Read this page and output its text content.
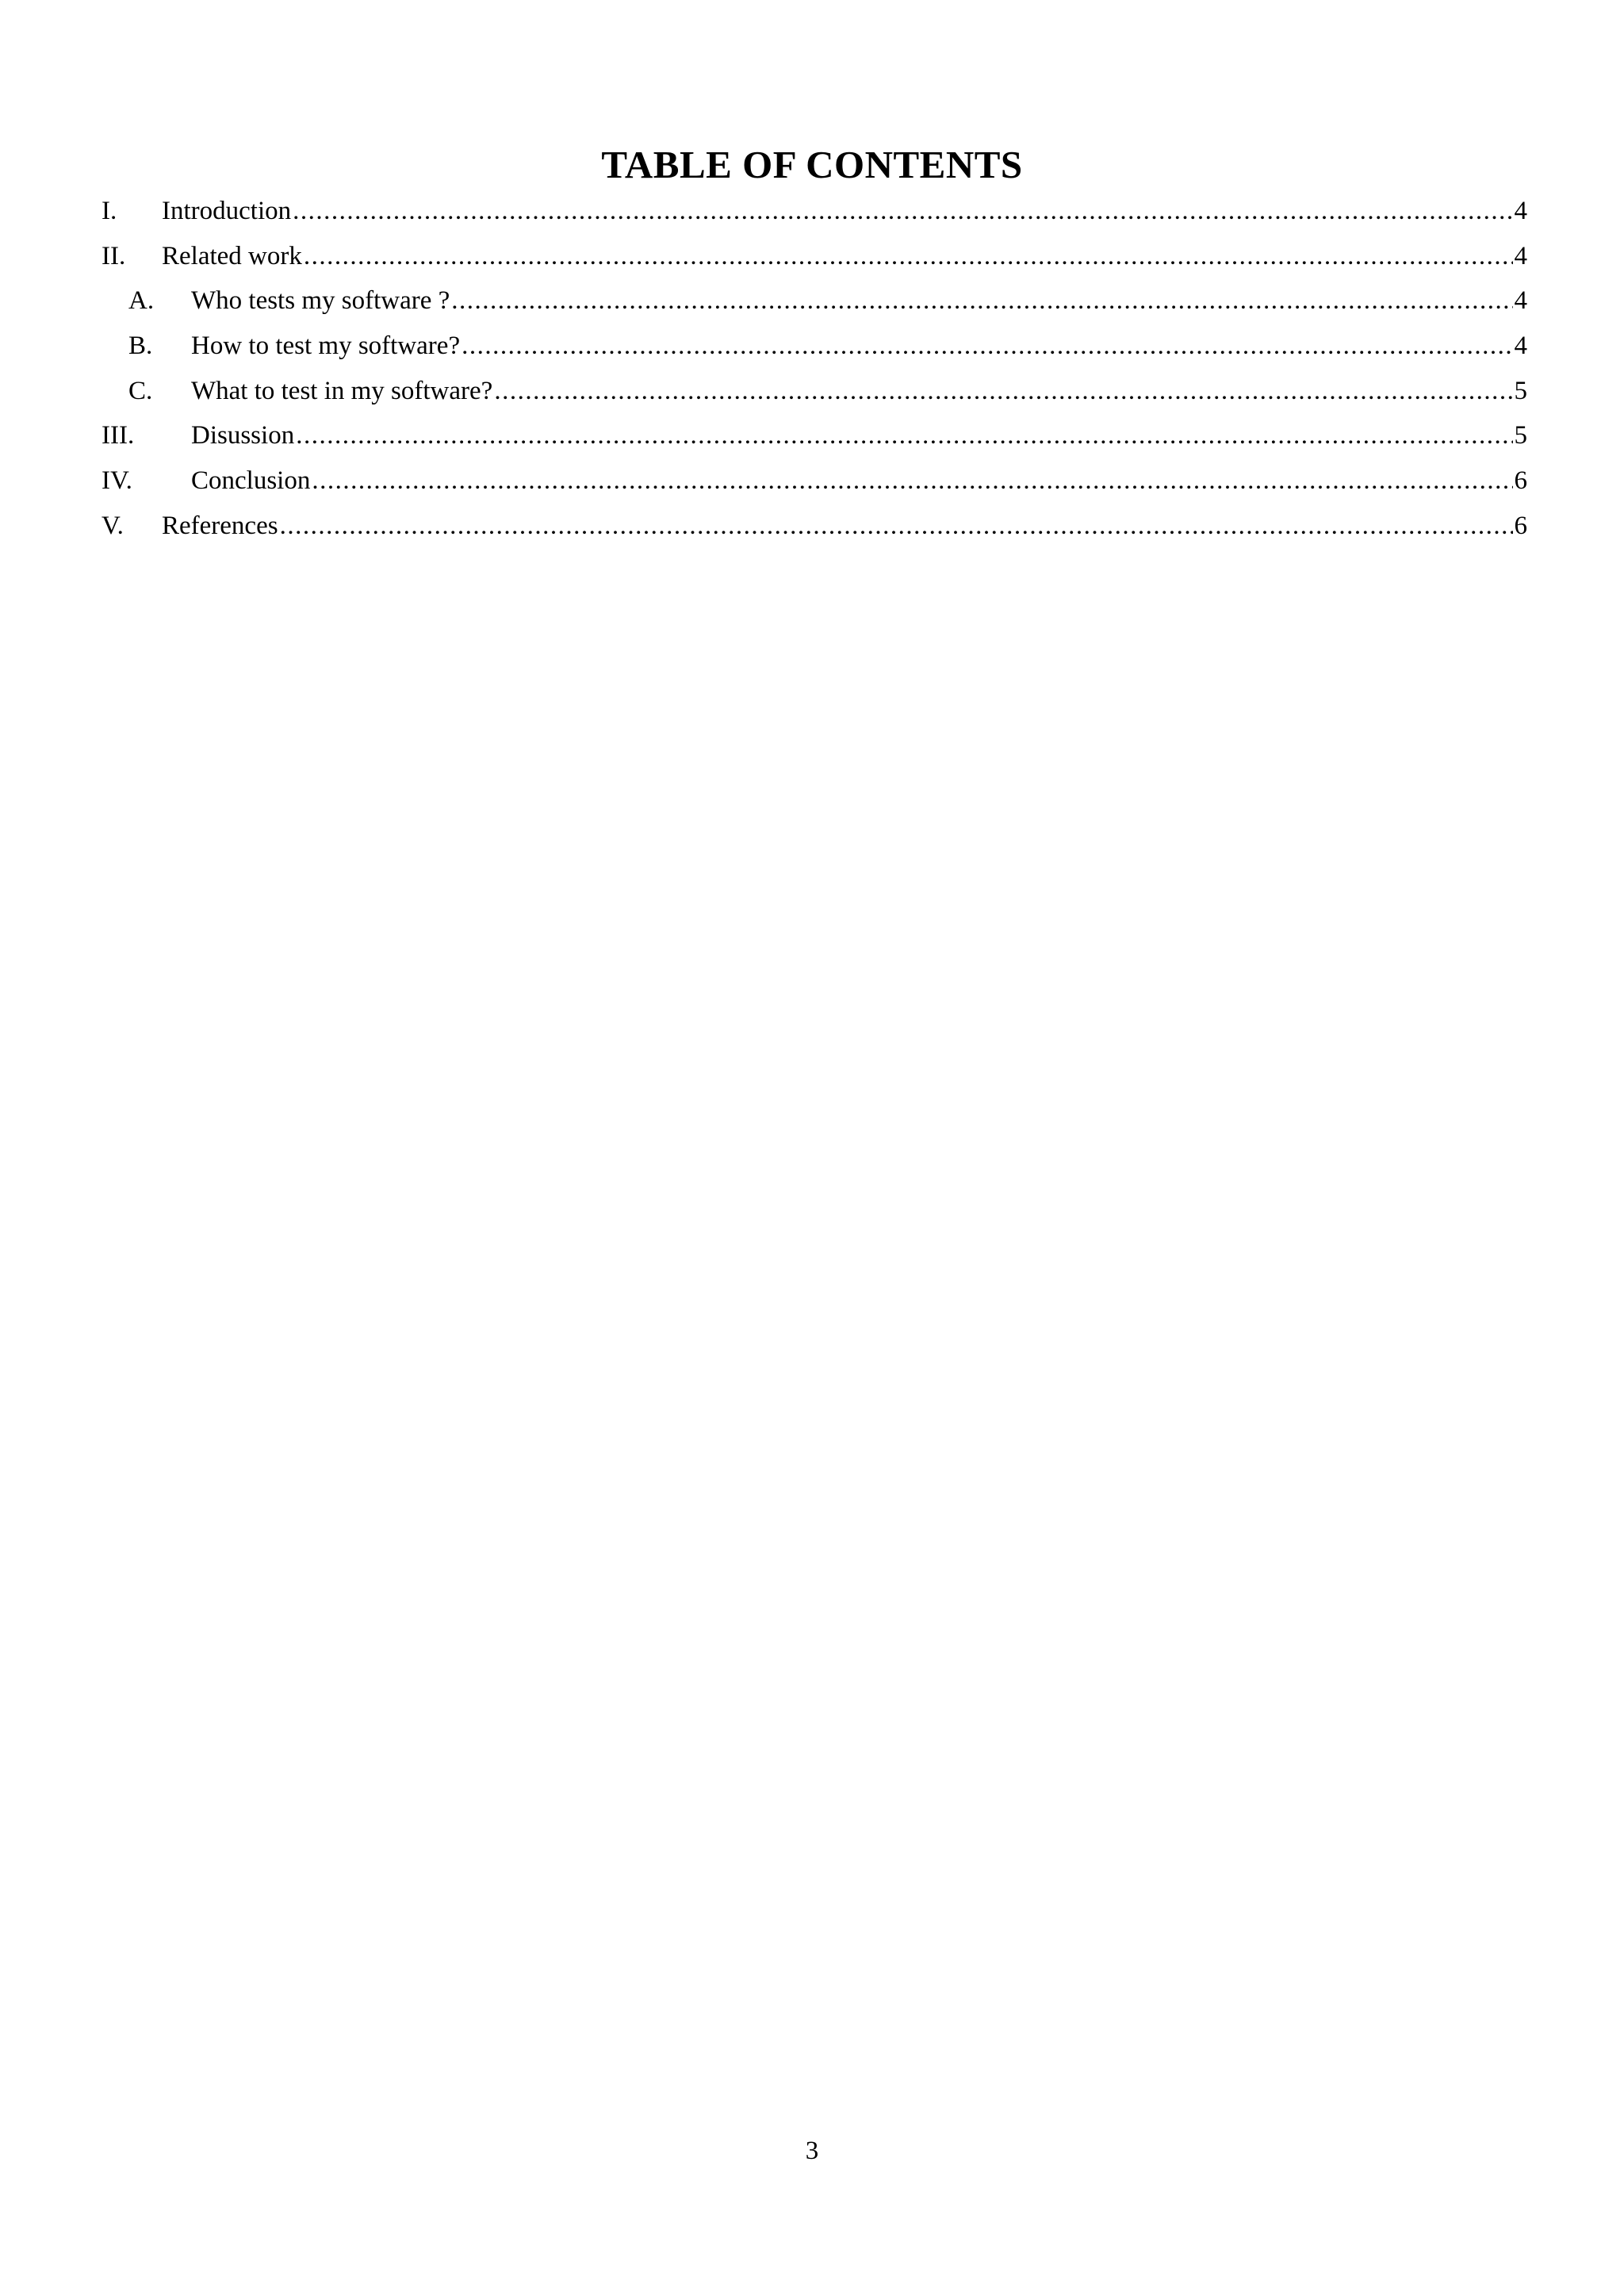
TABLE OF CONTENTS
I. Introduction .....	4
II. Related work .....	4
A. Who tests my software ? .....	4
B. How to test my software? .....	4
C. What to test in my software? .....	5
III. Disussion .....	5
IV. Conclusion .....	6
V. References .....	6
3
